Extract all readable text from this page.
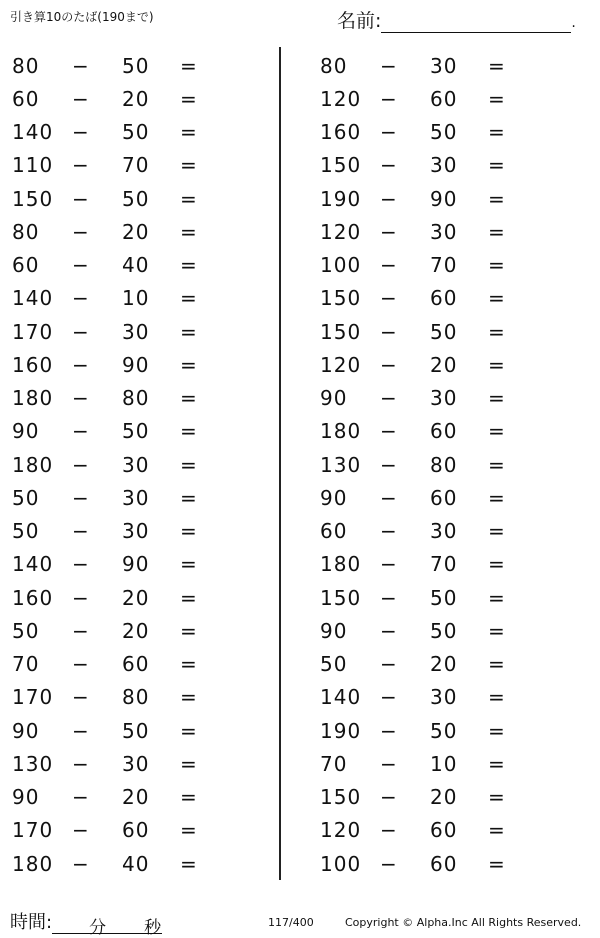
引き算10のたば(190まで)	名前:	.
80 − 50 =
60 − 20 =
140 − 50 =
110 − 70 =
150 − 50 =
80 − 20 =
60 − 40 =
140 − 10 =
170 − 30 =
160 − 90 =
180 − 80 =
90 − 50 =
180 − 30 =
50 − 30 =
50 − 30 =
140 − 90 =
160 − 20 =
50 − 20 =
70 − 60 =
170 − 80 =
90 − 50 =
130 − 30 =
90 − 20 =
170 − 60 =
180 − 40 =
80 − 30 =
120 − 60 =
160 − 50 =
150 − 30 =
190 − 90 =
120 − 30 =
100 − 70 =
150 − 60 =
150 − 50 =
120 − 20 =
90 − 30 =
180 − 60 =
130 − 80 =
90 − 60 =
60 − 30 =
180 − 70 =
150 − 50 =
90 − 50 =
50 − 20 =
140 − 30 =
190 − 50 =
70 − 10 =
150 − 20 =
120 − 60 =
100 − 60 =
時間: 分 秒	117/400	Copyright © Alpha.Inc All Rights Reserved.
